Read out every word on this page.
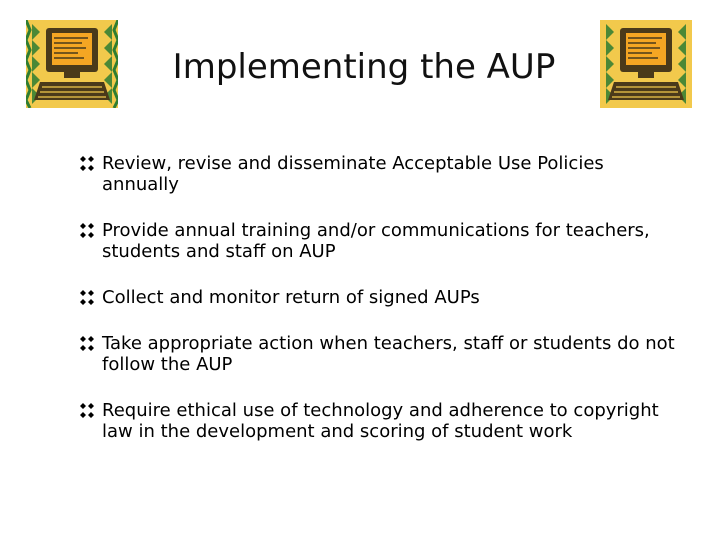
Implementing the AUP
Review, revise and disseminate Acceptable Use Policies annually
Provide annual training and/or communications for teachers, students and staff on AUP
Collect and monitor return of signed AUPs
Take appropriate action when teachers, staff or students do not follow the AUP
Require ethical use of technology and adherence to copyright law in the development and scoring of student work
